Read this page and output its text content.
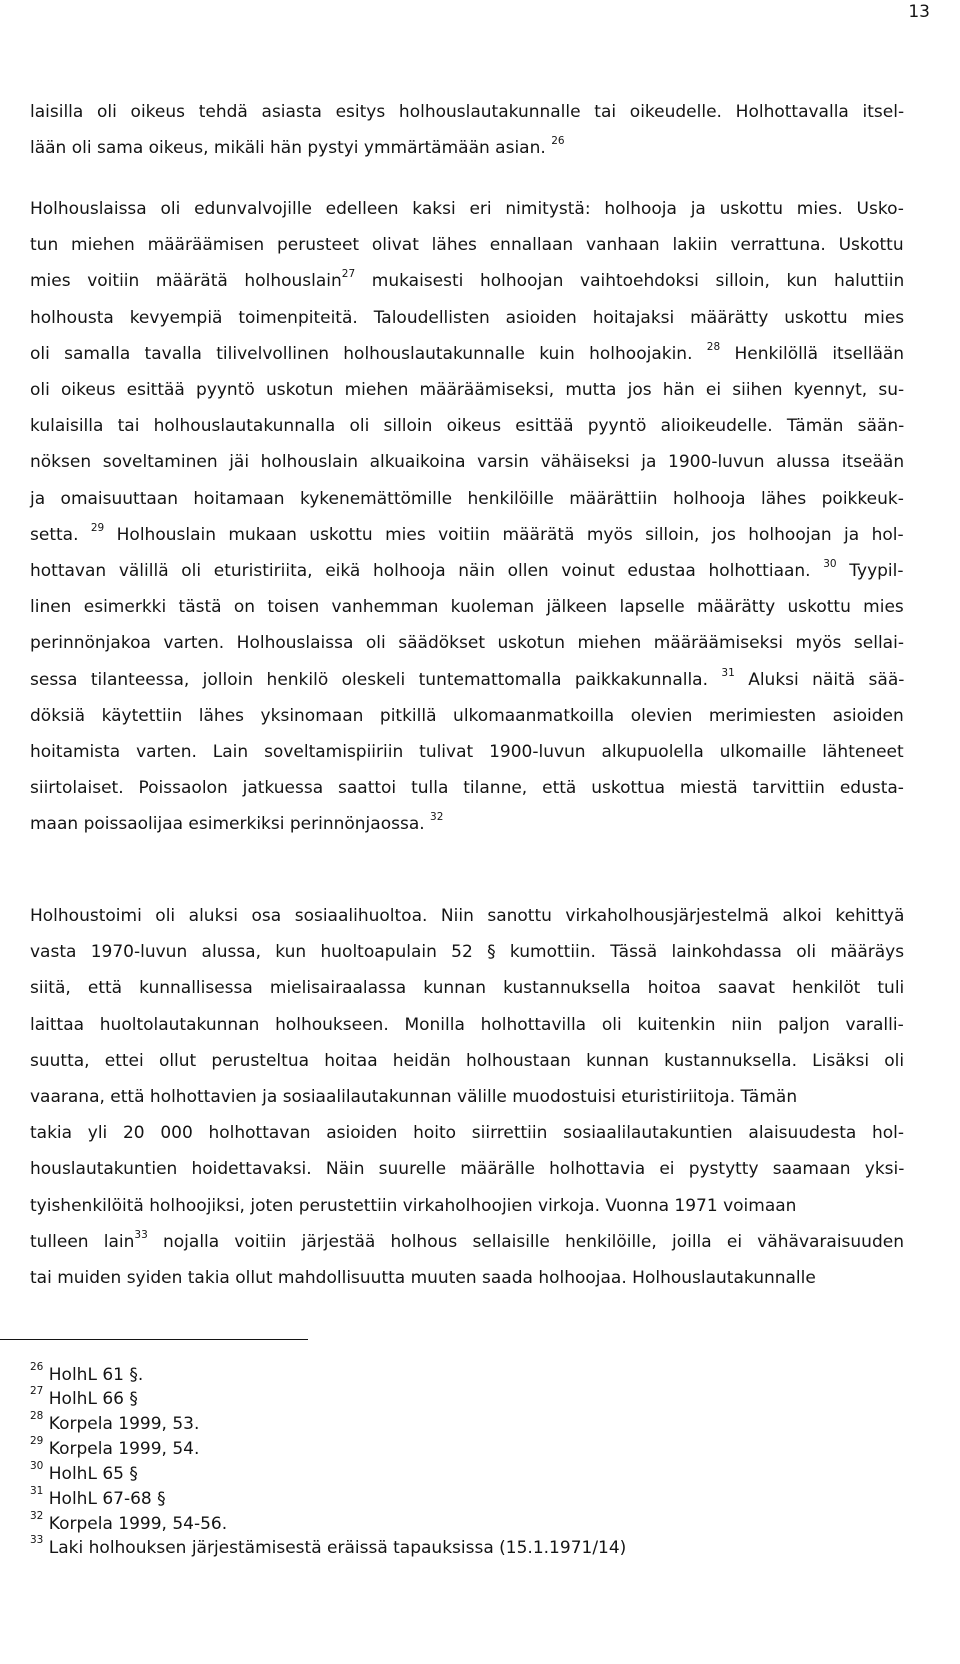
13
laisilla oli oikeus tehdä asiasta esitys holhouslautakunnalle tai oikeudelle. Holhottavalla itsel-
lään oli sama oikeus, mikäli hän pystyi ymmärtämään asian. $^{26}$
Holhouslaissa oli edunvalvojille edelleen kaksi eri nimitystä: holhooja ja uskottu mies. Usko-
tun miehen määräämisen perusteet olivat lähes ennallaan vanhaan lakiin verrattuna. Uskottu
mies voitiin määrätä holhouslain$^{27}$ mukaisesti holhoojan vaihtoehdoksi silloin, kun haluttiin
holhousta kevyempiä toimenpiteitä. Taloudellisten asioiden hoitajaksi määrätty uskottu mies
oli samalla tavalla tilivelvollinen holhouslautakunnalle kuin holhoojakin. $^{28}$ Henkilöllä itsellään
oli oikeus esittää pyyntö uskotun miehen määräämiseksi, mutta jos hän ei siihen kyennyt, su-
kulaisilla tai holhouslautakunnalla oli silloin oikeus esittää pyyntö alioikeudelle. Tämän sään-
nöksen soveltaminen jäi holhouslain alkuaikoina varsin vähäiseksi ja 1900-luvun alussa itseään
ja omaisuuttaan hoitamaan kykenemättömille henkilöille määrättiin holhooja lähes poikkeuk-
setta. $^{29}$ Holhouslain mukaan uskottu mies voitiin määrätä myös silloin, jos holhoojan ja hol-
hottavan välillä oli eturistiriita, eikä holhooja näin ollen voinut edustaa holhottiaan. $^{30}$ Tyypil-
linen esimerkki tästä on toisen vanhemman kuoleman jälkeen lapselle määrätty uskottu mies
perinnönjakoa varten. Holhouslaissa oli säädökset uskotun miehen määräämiseksi myös sellai-
sessa tilanteessa, jolloin henkilö oleskeli tuntemattomalla paikkakunnalla. $^{31}$ Aluksi näitä sää-
döksiä käytettiin lähes yksinomaan pitkillä ulkomaanmatkoilla olevien merimiesten asioiden
hoitamista varten. Lain soveltamispiiriin tulivat 1900-luvun alkupuolella ulkomaille lähteneet
siirtolaiset. Poissaolon jatkuessa saattoi tulla tilanne, että uskottua miestä tarvittiin edusta-
maan poissaolijaa esimerkiksi perinnönjaossa. $^{32}$
Holhoustoimi oli aluksi osa sosiaalihuoltoa. Niin sanottu virkaholhousjärjestelmä alkoi kehittyä
vasta 1970-luvun alussa, kun huoltoapulain 52 § kumottiin. Tässä lainkohdassa oli määräys
siitä, että kunnallisessa mielisairaalassa kunnan kustannuksella hoitoa saavat henkilöt tuli
laittaa huoltolautakunnan holhoukseen. Monilla holhottavilla oli kuitenkin niin paljon varalli-
suutta, ettei ollut perusteltua hoitaa heidän holhoustaan kunnan kustannuksella. Lisäksi oli
vaarana, että holhottavien ja sosiaalilautakunnan välille muodostuisi eturistiriitoja. Tämän
takia yli 20 000 holhottavan asioiden hoito siirrettiin sosiaalilautakuntien alaisuudesta hol-
houslautakuntien hoidettavaksi. Näin suurelle määrälle holhottavia ei pystytty saamaan yksi-
tyishenkilöitä holhoojiksi, joten perustettiin virkaholhoojien virkoja. Vuonna 1971 voimaan
tulleen lain$^{33}$ nojalla voitiin järjestää holhous sellaisille henkilöille, joilla ei vähävaraisuuden
tai muiden syiden takia ollut mahdollisuutta muuten saada holhoojaa. Holhouslautakunnalle
$^{26}$ HolhL 61 §.
$^{27}$ HolhL 66 §
$^{28}$ Korpela 1999, 53.
$^{29}$ Korpela 1999, 54.
$^{30}$ HolhL 65 §
$^{31}$ HolhL 67-68 §
$^{32}$ Korpela 1999, 54-56.
$^{33}$ Laki holhouksen järjestämisestä eräissä tapauksissa (15.1.1971/14)
